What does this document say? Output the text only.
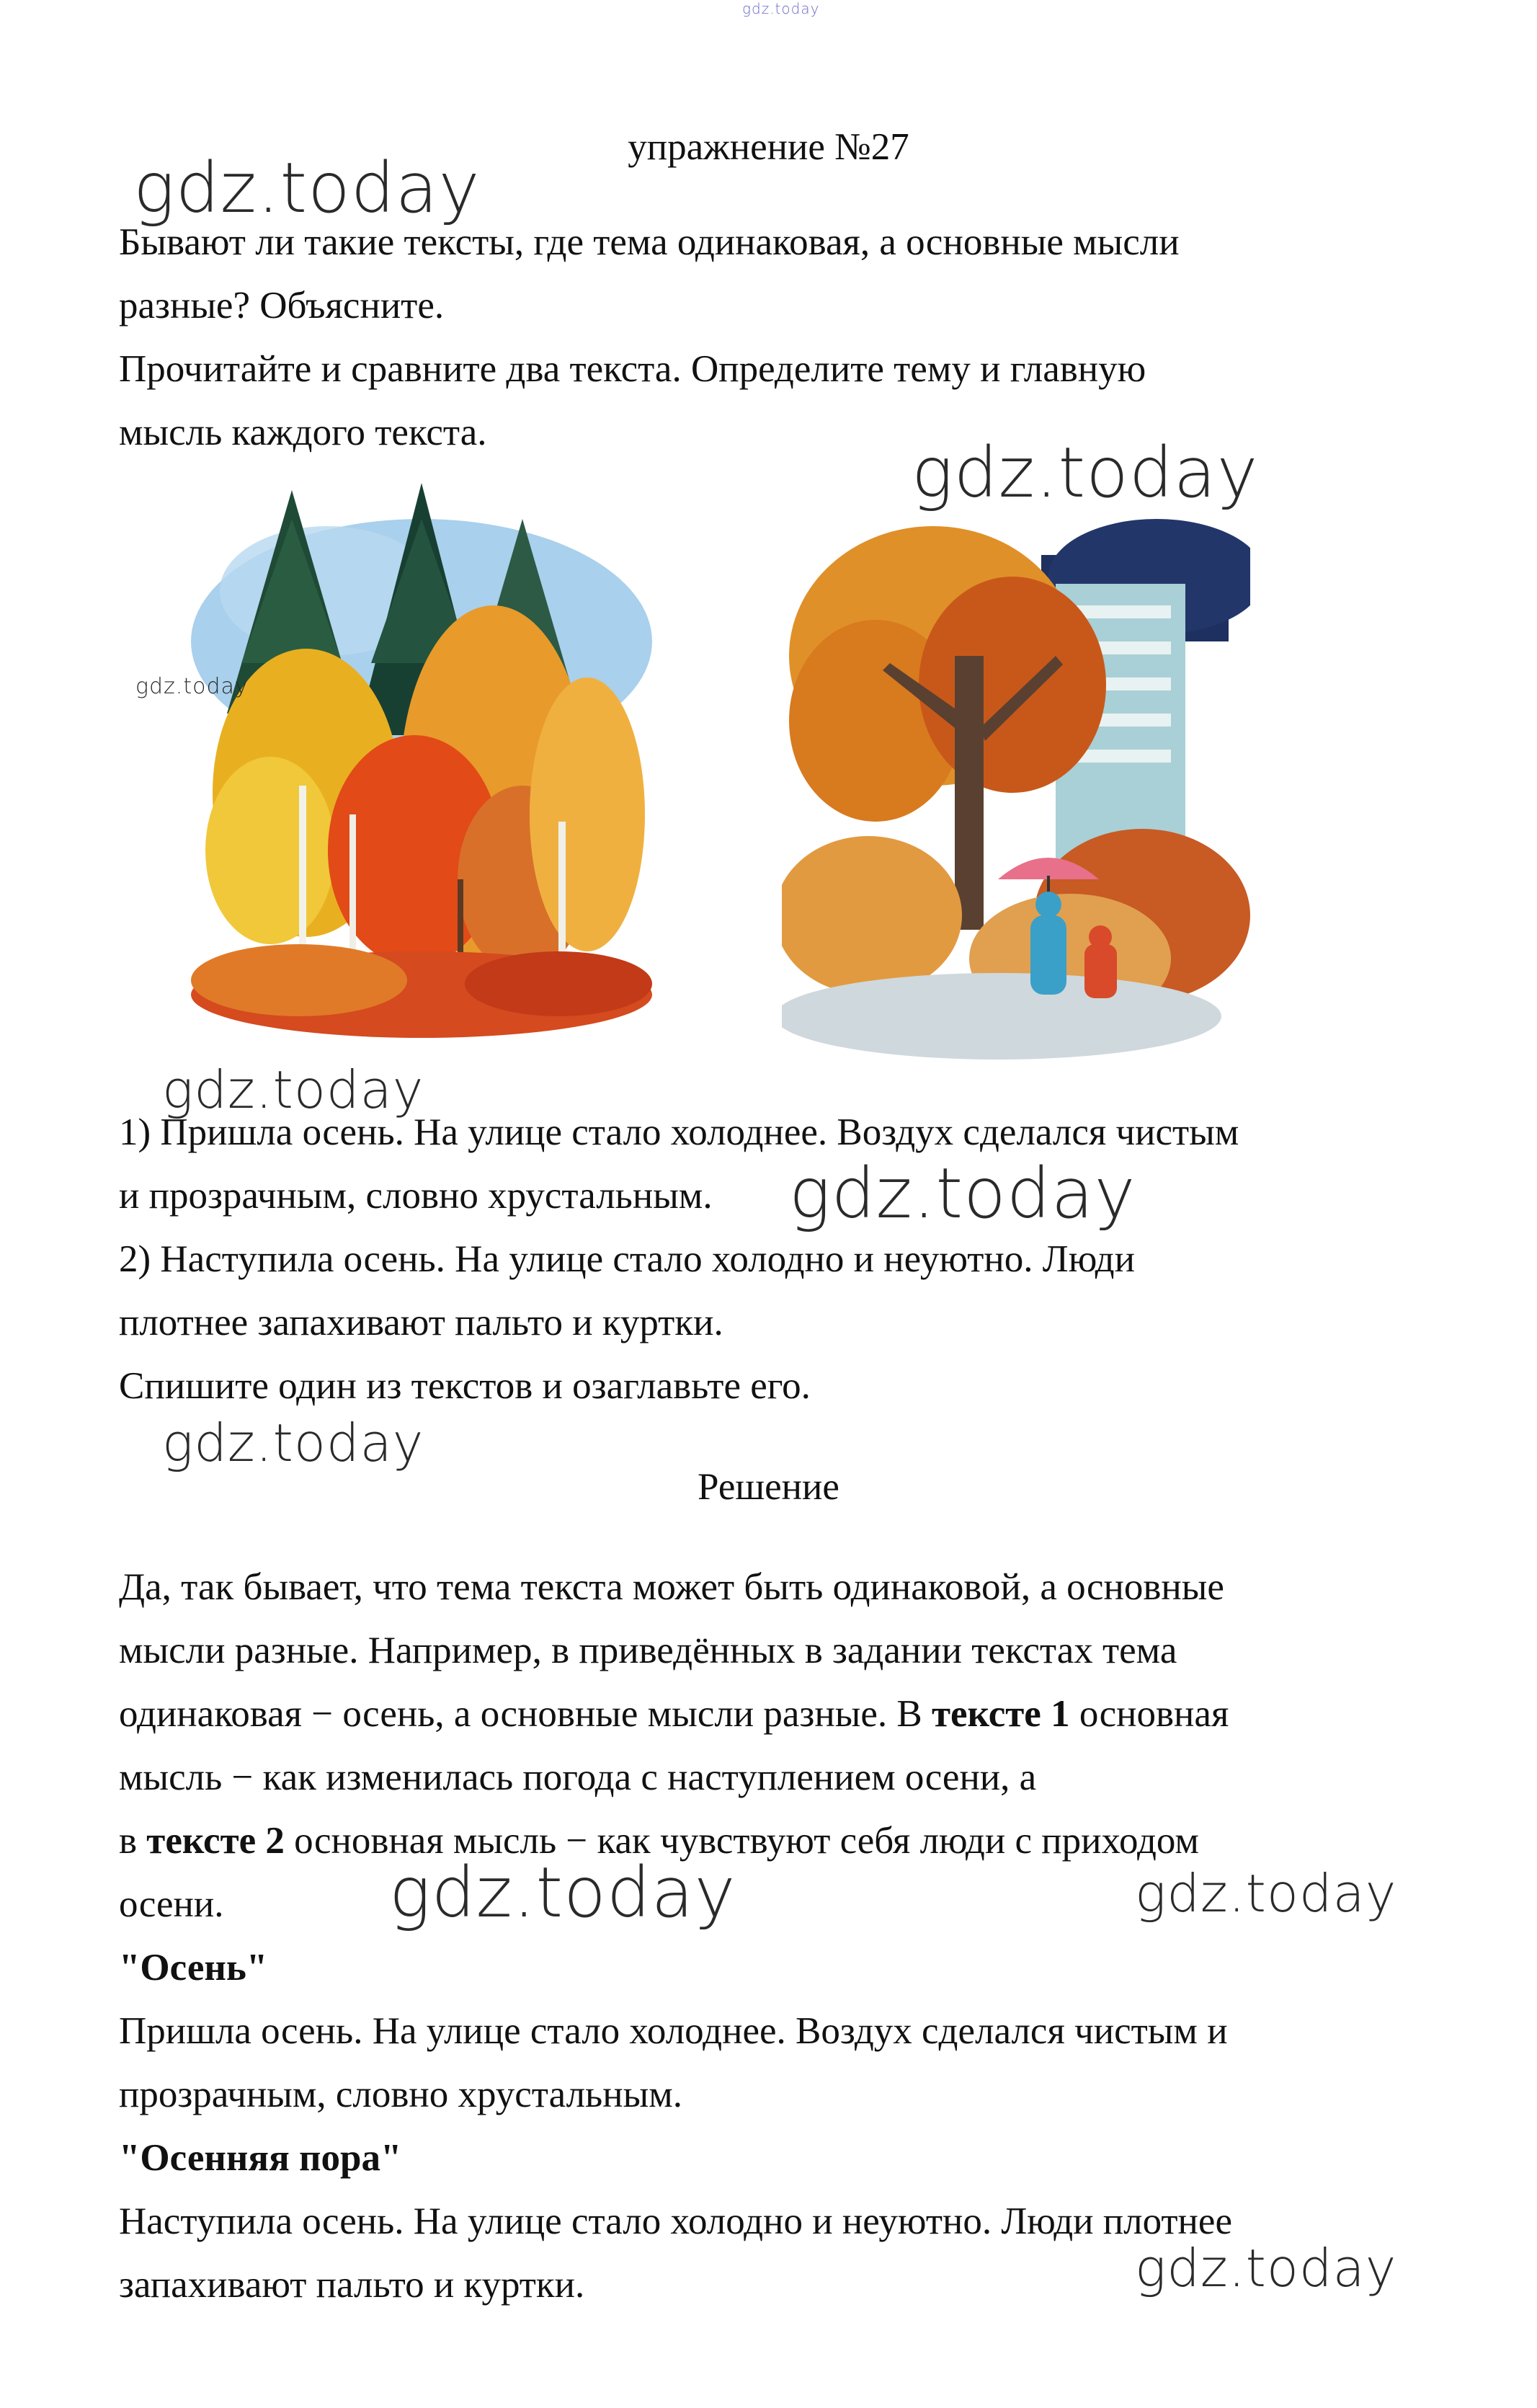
gdz.today

упражнение №27

Бывают ли такие тексты, где тема одинаковая, а основные мысли

разные? Объясните.

Прочитайте и сравните два текста. Определите тему и главную

мысль каждого текста.

1) Пришла осень. На улице стало холоднее. Воздух сделался чистым

и прозрачным, словно хрустальным.

2) Наступила осень. На улице стало холодно и неуютно. Люди

плотнее запахивают пальто и куртки.

Спишите один из текстов и озаглавьте его.

Решение

Да, так бывает, что тема текста может быть одинаковой, а основные

мысли разные. Например, в приведённых в задании текстах тема

одинаковая − осень, а основные мысли разные. В тексте 1 основная

мысль − как изменилась погода с наступлением осени, а

в тексте 2 основная мысль − как чувствуют себя люди с приходом

осени.

"Осень"

Пришла осень. На улице стало холоднее. Воздух сделался чистым и

прозрачным, словно хрустальным.

"Осенняя пора"

Наступила осень. На улице стало холодно и неуютно. Люди плотнее

запахивают пальто и куртки.

gdz.today
gdz.today
gdz.today
gdz.today
gdz.today
gdz.today
gdz.today	gdz.today
gdz.today
